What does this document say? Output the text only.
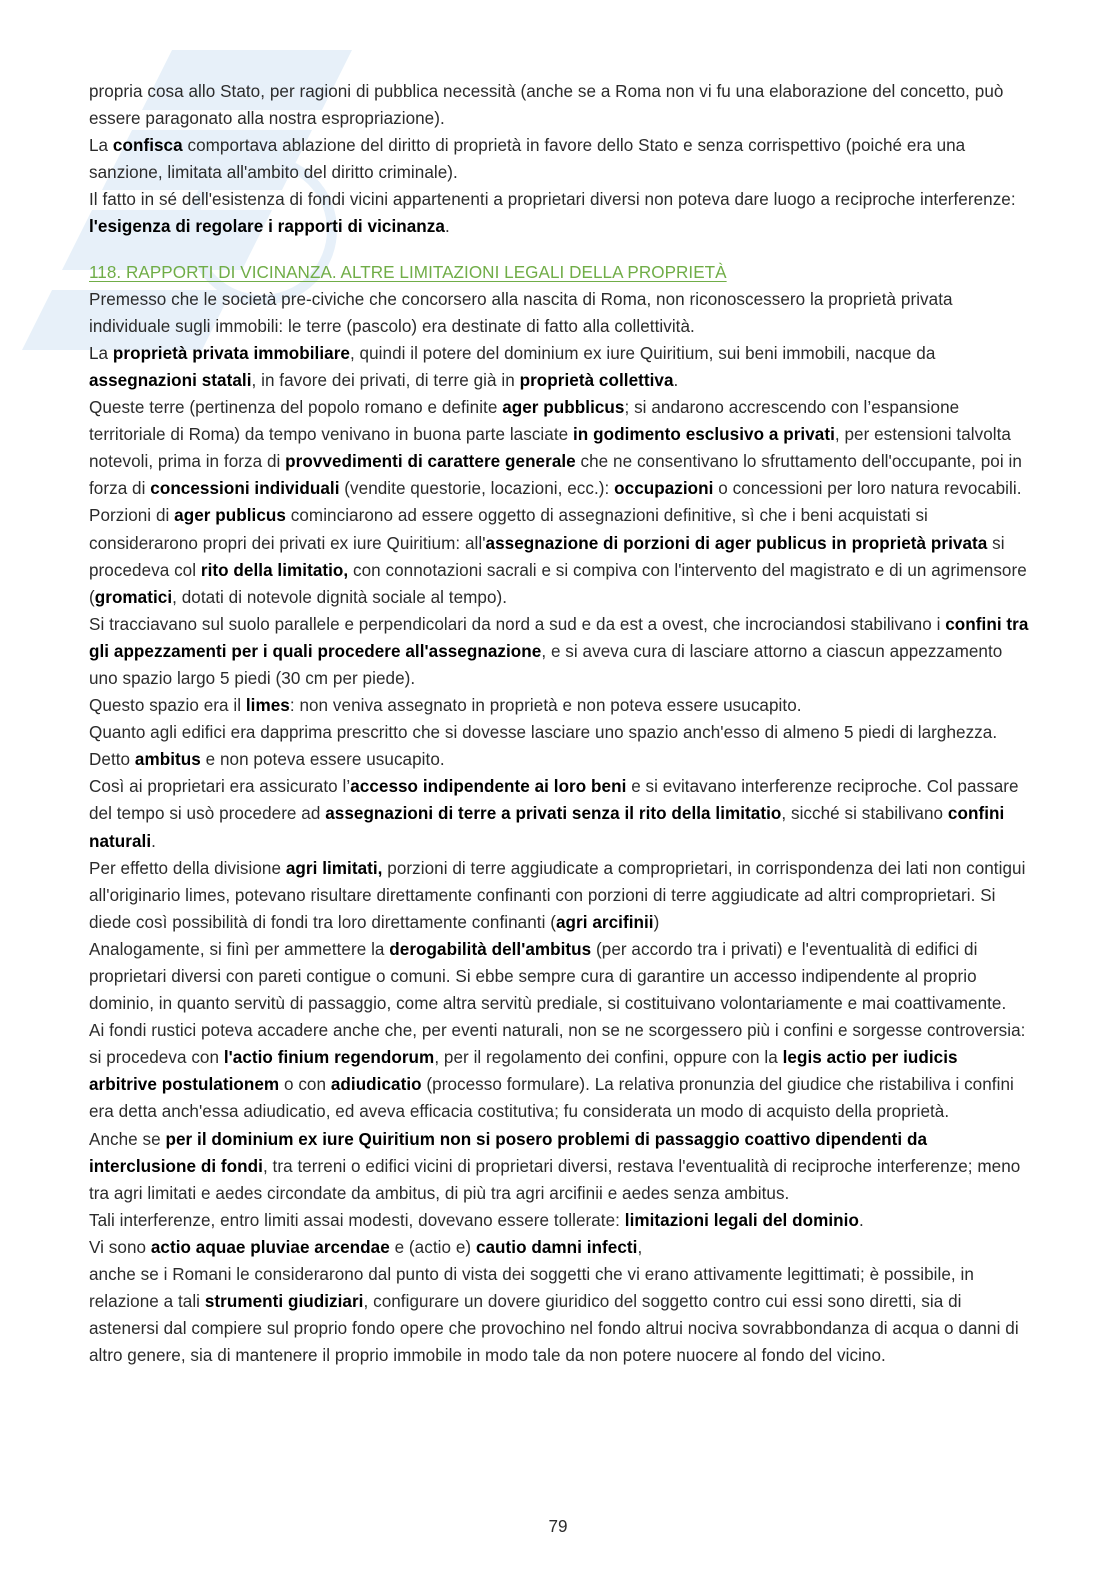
propria cosa allo Stato, per ragioni di pubblica necessità (anche se a Roma non vi fu una elaborazione del concetto, può essere paragonato alla nostra espropriazione).

La confisca comportava ablazione del diritto di proprietà in favore dello Stato e senza corrispettivo (poiché era una sanzione, limitata all'ambito del diritto criminale).

Il fatto in sé dell'esistenza di fondi vicini appartenenti a proprietari diversi non poteva dare luogo a reciproche interferenze: l'esigenza di regolare i rapporti di vicinanza.

118. RAPPORTI DI VICINANZA. ALTRE LIMITAZIONI LEGALI DELLA PROPRIETÀ

Premesso che le società pre-civiche che concorsero alla nascita di Roma, non riconoscessero la proprietà privata individuale sugli immobili: le terre (pascolo) era destinate di fatto alla collettività.

La proprietà privata immobiliare, quindi il potere del dominium ex iure Quiritium, sui beni immobili, nacque da assegnazioni statali, in favore dei privati, di terre già in proprietà collettiva.

Queste terre (pertinenza del popolo romano e definite ager pubblicus; si andarono accrescendo con l’espansione territoriale di Roma) da tempo venivano in buona parte lasciate in godimento esclusivo a privati, per estensioni talvolta notevoli, prima in forza di provvedimenti di carattere generale che ne consentivano lo sfruttamento dell'occupante, poi in forza di concessioni individuali (vendite questorie, locazioni, ecc.): occupazioni o concessioni per loro natura revocabili.

Porzioni di ager publicus cominciarono ad essere oggetto di assegnazioni definitive, sì che i beni acquistati si considerarono propri dei privati ex iure Quiritium: all'assegnazione di porzioni di ager publicus in proprietà privata si procedeva col rito della limitatio, con connotazioni sacrali e si compiva con l'intervento del magistrato e di un agrimensore (gromatici, dotati di notevole dignità sociale al tempo).

Si tracciavano sul suolo parallele e perpendicolari da nord a sud e da est a ovest, che incrociandosi stabilivano i confini tra gli appezzamenti per i quali procedere all'assegnazione, e si aveva cura di lasciare attorno a ciascun appezzamento uno spazio largo 5 piedi (30 cm per piede).

Questo spazio era il limes: non veniva assegnato in proprietà e non poteva essere usucapito.

Quanto agli edifici era dapprima prescritto che si dovesse lasciare uno spazio anch'esso di almeno 5 piedi di larghezza. Detto ambitus e non poteva essere usucapito.

Così ai proprietari era assicurato l’accesso indipendente ai loro beni e si evitavano interferenze reciproche. Col passare del tempo si usò procedere ad assegnazioni di terre a privati senza il rito della limitatio, sicché si stabilivano confini naturali.

Per effetto della divisione agri limitati, porzioni di terre aggiudicate a comproprietari, in corrispondenza dei lati non contigui all'originario limes, potevano risultare direttamente confinanti con porzioni di terre aggiudicate ad altri comproprietari. Si diede così possibilità di fondi tra loro direttamente confinanti (agri arcifinii)

Analogamente, si finì per ammettere la derogabilità dell'ambitus (per accordo tra i privati) e l'eventualità di edifici di proprietari diversi con pareti contigue o comuni. Si ebbe sempre cura di garantire un accesso indipendente al proprio dominio, in quanto servitù di passaggio, come altra servitù prediale, si costituivano volontariamente e mai coattivamente.

Ai fondi rustici poteva accadere anche che, per eventi naturali, non se ne scorgessero più i confini e sorgesse controversia: si procedeva con l'actio finium regendorum, per il regolamento dei confini, oppure con la legis actio per iudicis arbitrive postulationem o con adiudicatio (processo formulare). La relativa pronunzia del giudice che ristabiliva i confini era detta anch'essa adiudicatio, ed aveva efficacia costitutiva; fu considerata un modo di acquisto della proprietà.

Anche se per il dominium ex iure Quiritium non si posero problemi di passaggio coattivo dipendenti da interclusione di fondi, tra terreni o edifici vicini di proprietari diversi, restava l'eventualità di reciproche interferenze; meno tra agri limitati e aedes circondate da ambitus, di più tra agri arcifinii e aedes senza ambitus.

Tali interferenze, entro limiti assai modesti, dovevano essere tollerate: limitazioni legali del dominio.

Vi sono actio aquae pluviae arcendae e (actio e) cautio damni infecti,

anche se i Romani le considerarono dal punto di vista dei soggetti che vi erano attivamente legittimati; è possibile, in relazione a tali strumenti giudiziari, configurare un dovere giuridico del soggetto contro cui essi sono diretti, sia di astenersi dal compiere sul proprio fondo opere che provochino nel fondo altrui nociva sovrabbondanza di acqua o danni di altro genere, sia di mantenere il proprio immobile in modo tale da non potere nuocere al fondo del vicino.

79
